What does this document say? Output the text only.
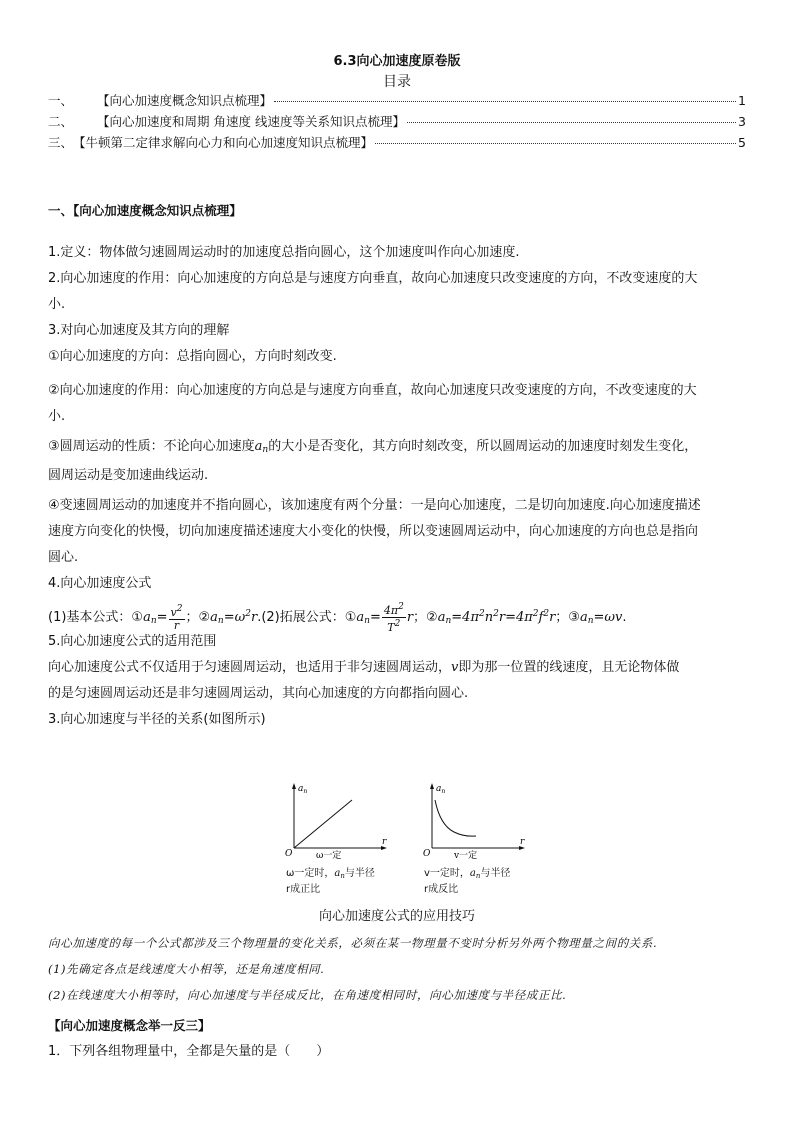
6.3向心加速度原卷版
目录
一、 【向心加速度概念知识点梳理】	1
二、 【向心加速度和周期 角速度 线速度等关系知识点梳理】	3
三、 【牛顿第二定律求解向心力和向心加速度知识点梳理】	5
一、【向心加速度概念知识点梳理】
1.定义：物体做匀速圆周运动时的加速度总指向圆心，这个加速度叫作向心加速度.
2.向心加速度的作用：向心加速度的方向总是与速度方向垂直，故向心加速度只改变速度的方向，不改变速度的大
小.
3.对向心加速度及其方向的理解
①向心加速度的方向：总指向圆心，方向时刻改变.
②向心加速度的作用：向心加速度的方向总是与速度方向垂直，故向心加速度只改变速度的方向，不改变速度的大
小.
③圆周运动的性质：不论向心加速度$a_n$的大小是否变化，其方向时刻改变，所以圆周运动的加速度时刻发生变化，
圆周运动是变加速曲线运动.
④变速圆周运动的加速度并不指向圆心，该加速度有两个分量：一是向心加速度，二是切向加速度.向心加速度描述
速度方向变化的快慢，切向加速度描述速度大小变化的快慢，所以变速圆周运动中，向心加速度的方向也总是指向
圆心.
4.向心加速度公式
(1)基本公式：$①a_n= \frac{v^2}{r}$ ；$②a_n=\omega^2r.(2)$拓展公式：$①a_n= \frac{4\pi^2}{T^2}$ r；$②a_n=4\pi^2n^2r=4\pi^2f^2r$；$③a_n=\omega v$.
5.向心加速度公式的适用范围
向心加速度公式不仅适用于匀速圆周运动，也适用于非匀速圆周运动，v即为那一位置的线速度，且无论物体做
的是匀速圆周运动还是非匀速圆周运动，其向心加速度的方向都指向圆心.
3.向心加速度与半径的关系(如图所示)
$a_n$
r
O	ω一定
ω一定时，$a_n$与半径
r成正比
$a_n$
r
O	v一定
v一定时，$a_n$与半径
r成反比
向心加速度公式的应用技巧
向心加速度的每一个公式都涉及三个物理量的变化关系，必须在某一物理量不变时分析另外两个物理量之间的关系.
(1)先确定各点是线速度大小相等，还是角速度相同.
(2)在线速度大小相等时，向心加速度与半径成反比，在角速度相同时，向心加速度与半径成正比.
【向心加速度概念举一反三】
1．下列各组物理量中，全都是矢量的是（　　）
